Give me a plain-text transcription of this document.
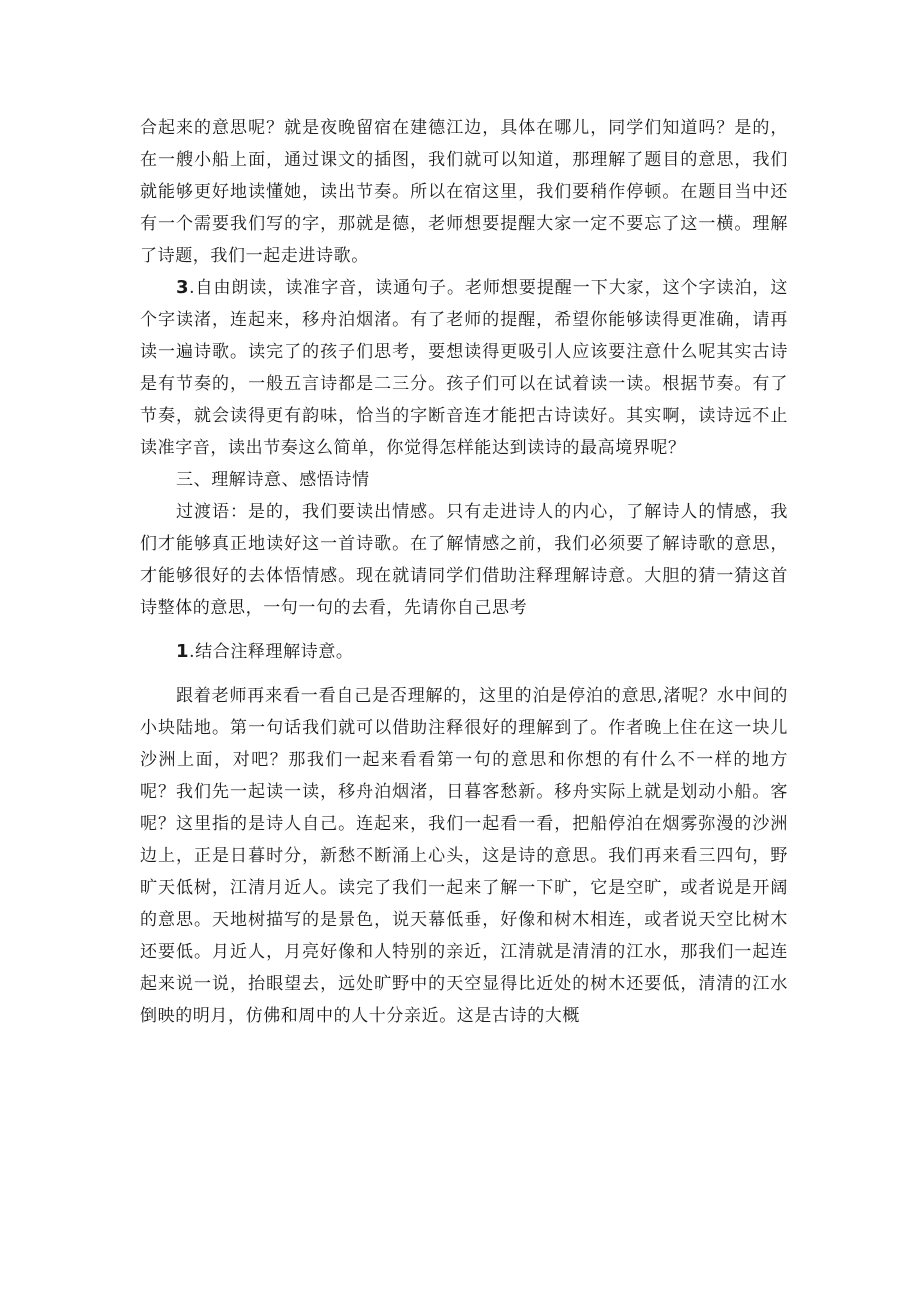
合起来的意思呢？就是夜晚留宿在建德江边，具体在哪儿，同学们知道吗？是的，在一艘小船上面，通过课文的插图，我们就可以知道，那理解了题目的意思，我们就能够更好地读懂她，读出节奏。所以在宿这里，我们要稍作停顿。在题目当中还有一个需要我们写的字，那就是德，老师想要提醒大家一定不要忘了这一横。理解了诗题，我们一起走进诗歌。

3.自由朗读，读准字音，读通句子。老师想要提醒一下大家，这个字读泊，这个字读渚，连起来，移舟泊烟渚。有了老师的提醒，希望你能够读得更准确，请再读一遍诗歌。读完了的孩子们思考，要想读得更吸引人应该要注意什么呢其实古诗是有节奏的，一般五言诗都是二三分。孩子们可以在试着读一读。根据节奏。有了节奏，就会读得更有韵味，恰当的字断音连才能把古诗读好。其实啊，读诗远不止读准字音，读出节奏这么简单，你觉得怎样能达到读诗的最高境界呢？

三、理解诗意、感悟诗情

过渡语：是的，我们要读出情感。只有走进诗人的内心，了解诗人的情感，我们才能够真正地读好这一首诗歌。在了解情感之前，我们必须要了解诗歌的意思，才能够很好的去体悟情感。现在就请同学们借助注释理解诗意。大胆的猜一猜这首诗整体的意思，一句一句的去看，先请你自己思考

1.结合注释理解诗意。

跟着老师再来看一看自己是否理解的，这里的泊是停泊的意思,渚呢？水中间的小块陆地。第一句话我们就可以借助注释很好的理解到了。作者晚上住在这一块儿沙洲上面，对吧？那我们一起来看看第一句的意思和你想的有什么不一样的地方呢？我们先一起读一读，移舟泊烟渚，日暮客愁新。移舟实际上就是划动小船。客呢？这里指的是诗人自己。连起来，我们一起看一看，把船停泊在烟雾弥漫的沙洲边上，正是日暮时分，新愁不断涌上心头，这是诗的意思。我们再来看三四句，野旷天低树，江清月近人。读完了我们一起来了解一下旷，它是空旷，或者说是开阔的意思。天地树描写的是景色，说天幕低垂，好像和树木相连，或者说天空比树木还要低。月近人，月亮好像和人特别的亲近，江清就是清清的江水，那我们一起连起来说一说，抬眼望去，远处旷野中的天空显得比近处的树木还要低，清清的江水倒映的明月，仿佛和周中的人十分亲近。这是古诗的大概
